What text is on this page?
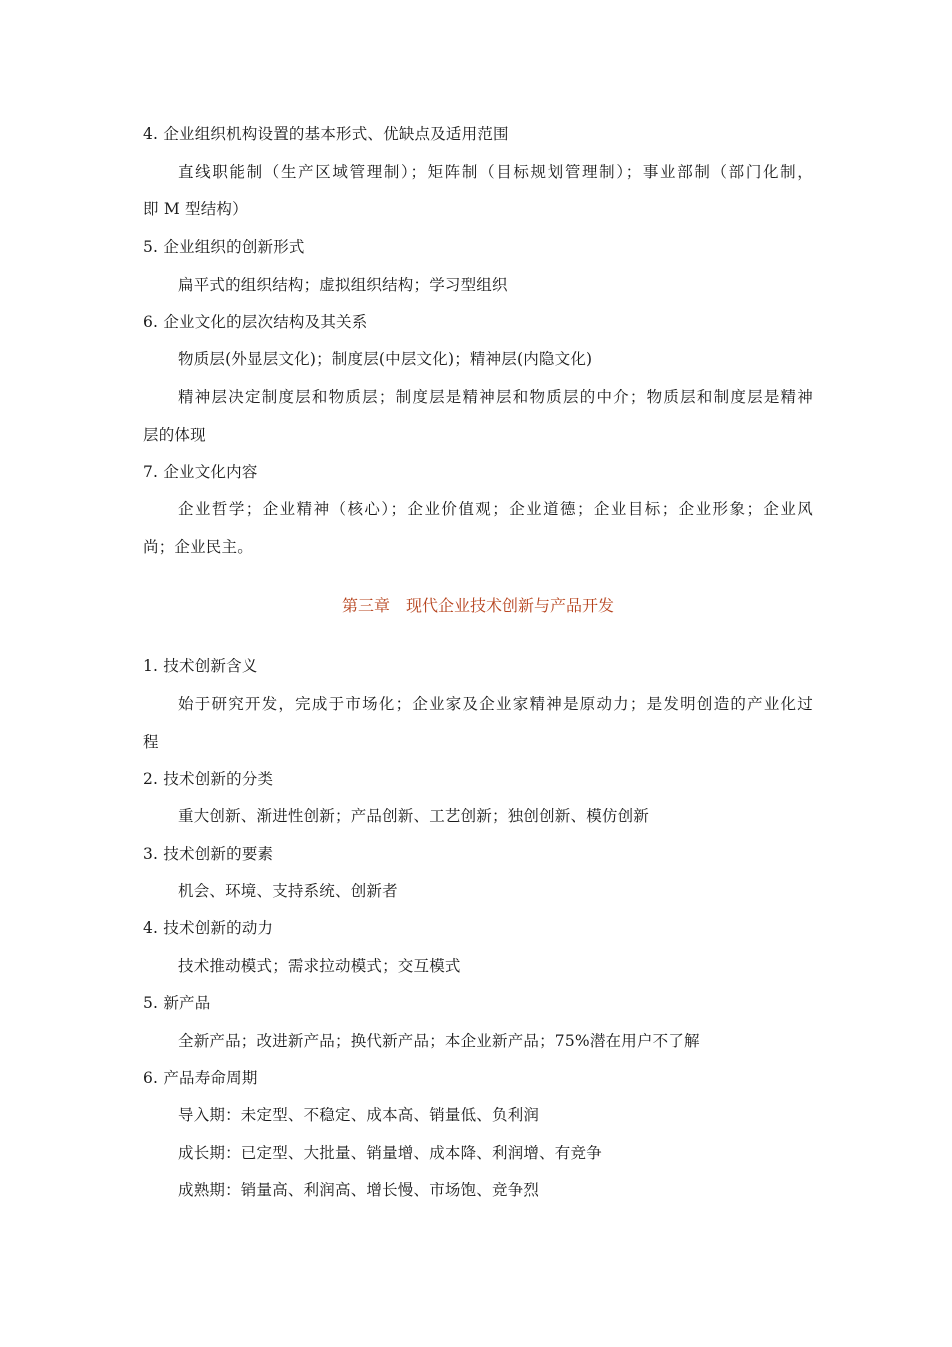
4. 企业组织机构设置的基本形式、优缺点及适用范围
直线职能制（生产区域管理制）；矩阵制（目标规划管理制）；事业部制（部门化制，
即 M 型结构）
5. 企业组织的创新形式
扁平式的组织结构；虚拟组织结构；学习型组织
6. 企业文化的层次结构及其关系
物质层(外显层文化)；制度层(中层文化)；精神层(内隐文化)
精神层决定制度层和物质层；制度层是精神层和物质层的中介；物质层和制度层是精神
层的体现
7. 企业文化内容
企业哲学；企业精神（核心）；企业价值观；企业道德；企业目标；企业形象；企业风
尚；企业民主。
第三章　现代企业技术创新与产品开发
1. 技术创新含义
始于研究开发，完成于市场化；企业家及企业家精神是原动力；是发明创造的产业化过
程
2. 技术创新的分类
重大创新、渐进性创新；产品创新、工艺创新；独创创新、模仿创新
3. 技术创新的要素
机会、环境、支持系统、创新者
4. 技术创新的动力
技术推动模式；需求拉动模式；交互模式
5. 新产品
全新产品；改进新产品；换代新产品；本企业新产品；75%潜在用户不了解
6. 产品寿命周期
导入期：未定型、不稳定、成本高、销量低、负利润
成长期：已定型、大批量、销量增、成本降、利润增、有竞争
成熟期：销量高、利润高、增长慢、市场饱、竞争烈
